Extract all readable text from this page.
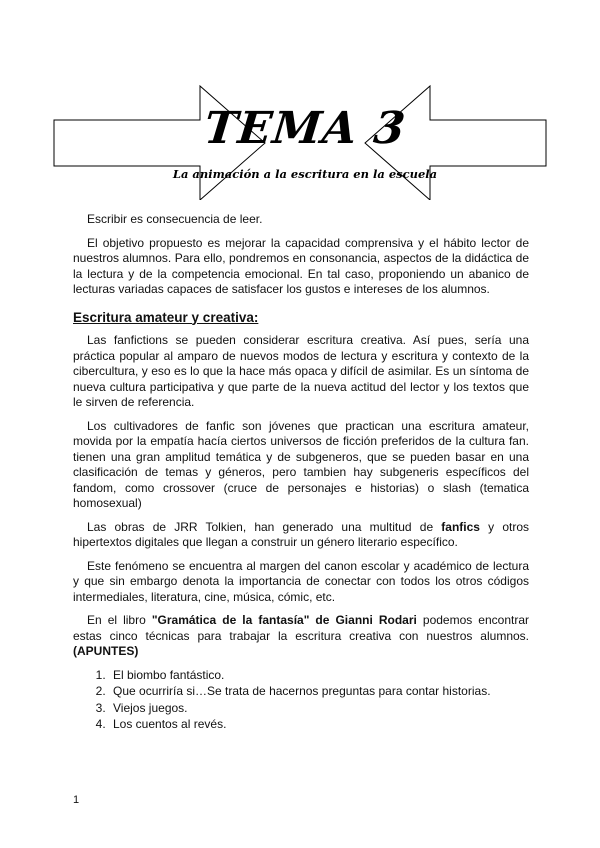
TEMA 3
La animación a la escritura en la escuela

Escribir es consecuencia de leer.

El objetivo propuesto es mejorar la capacidad comprensiva y el hábito lector de nuestros alumnos. Para ello, pondremos en consonancia, aspectos de la didáctica de la lectura y de la competencia emocional. En tal caso, proponiendo un abanico de lecturas variadas capaces de satisfacer los gustos e intereses de los alumnos.

Escritura amateur y creativa:

Las fanfictions se pueden considerar escritura creativa. Así pues, sería una práctica popular al amparo de nuevos modos de lectura y escritura y contexto de la cibercultura, y eso es lo que la hace más opaca y difícil de asimilar. Es un síntoma de nueva cultura participativa y que parte de la nueva actitud del lector y los textos que le sirven de referencia.

Los cultivadores de fanfic son jóvenes que practican una escritura amateur, movida por la empatía hacía ciertos universos de ficción preferidos de la cultura fan. tienen una gran amplitud temática y de subgeneros, que se pueden basar en una clasificación de temas y géneros, pero tambien hay subgeneris específicos del fandom, como crossover (cruce de personajes e historias) o slash (tematica homosexual)

Las obras de JRR Tolkien, han generado una multitud de fanfics y otros hipertextos digitales que llegan a construir un género literario específico.

Este fenómeno se encuentra al margen del canon escolar y académico de lectura y que sin embargo denota la importancia de conectar con todos los otros códigos intermediales, literatura, cine, música, cómic, etc.

En el libro "Gramática de la fantasía" de Gianni Rodari podemos encontrar estas cinco técnicas para trabajar la escritura creativa con nuestros alumnos. (APUNTES)

1. El biombo fantástico.
2. Que ocurriría si…Se trata de hacernos preguntas para contar historias.
3. Viejos juegos.
4. Los cuentos al revés.
1
